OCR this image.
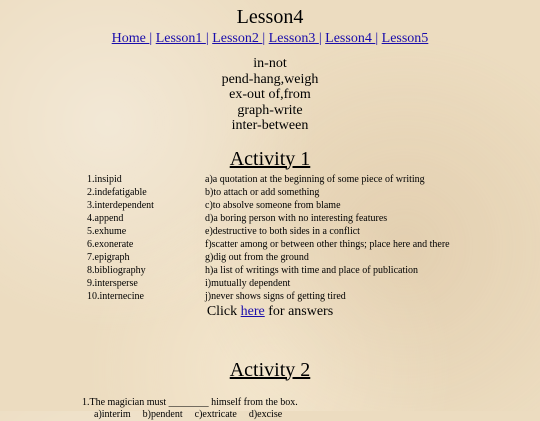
Lesson4
Home | Lesson1 | Lesson2 | Lesson3 | Lesson4 | Lesson5
in-not
pend-hang,weigh
ex-out of,from
graph-write
inter-between
Activity 1
1.insipid	a)a quotation at the beginning of some piece of writing
2.indefatigable	b)to attach or add something
3.interdependent	c)to absolve someone from blame
4.append	d)a boring person with no interesting features
5.exhume	e)destructive to both sides in a conflict
6.exonerate	f)scatter among or between other things; place here and there
7.epigraph	g)dig out from the ground
8.bibliography	h)a list of writings with time and place of publication
9.intersperse	i)mutually dependent
10.internecine	j)never shows signs of getting tired
Click here for answers
Activity 2
1.The magician must ________ himself from the box.
a)interim b)pendent c)extricate d)excise
